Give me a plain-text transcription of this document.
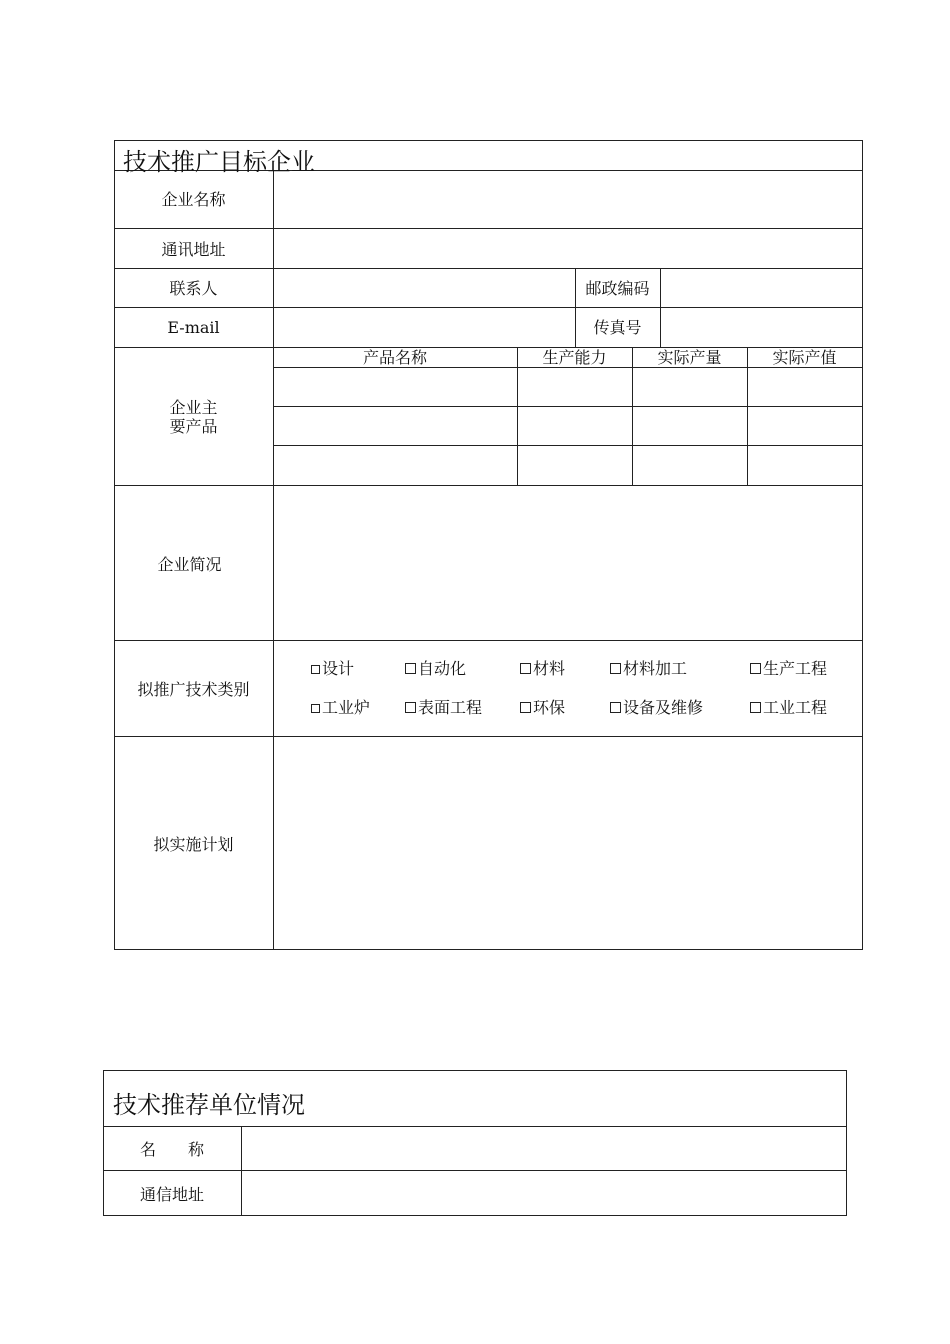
技术推广目标企业
企业名称
通讯地址
联系人	邮政编码
E-mail	传真号
企业主
要产品
产品名称	生产能力	实际产量	实际产值
企业简况
拟推广技术类别
设计	自动化	材料	材料加工	生产工程
工业炉	表面工程	环保	设备及维修	工业工程
拟实施计划
技术推荐单位情况
名　　称
通信地址
